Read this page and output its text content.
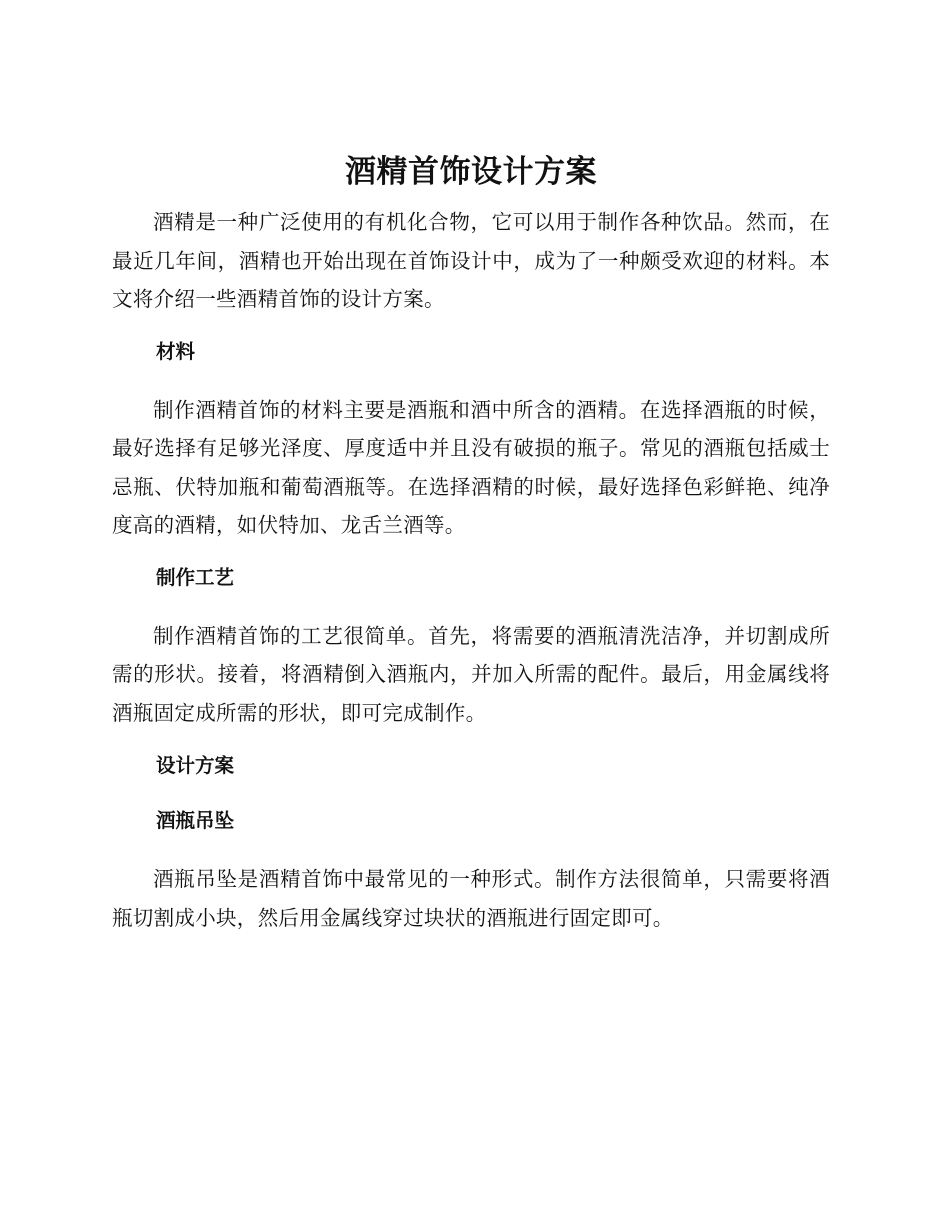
酒精首饰设计方案

酒精是一种广泛使用的有机化合物，它可以用于制作各种饮品。然而，在最近几年间，酒精也开始出现在首饰设计中，成为了一种颇受欢迎的材料。本文将介绍一些酒精首饰的设计方案。

材料

制作酒精首饰的材料主要是酒瓶和酒中所含的酒精。在选择酒瓶的时候，最好选择有足够光泽度、厚度适中并且没有破损的瓶子。常见的酒瓶包括威士忌瓶、伏特加瓶和葡萄酒瓶等。在选择酒精的时候，最好选择色彩鲜艳、纯净度高的酒精，如伏特加、龙舌兰酒等。

制作工艺

制作酒精首饰的工艺很简单。首先，将需要的酒瓶清洗洁净，并切割成所需的形状。接着，将酒精倒入酒瓶内，并加入所需的配件。最后，用金属线将酒瓶固定成所需的形状，即可完成制作。

设计方案
酒瓶吊坠

酒瓶吊坠是酒精首饰中最常见的一种形式。制作方法很简单，只需要将酒瓶切割成小块，然后用金属线穿过块状的酒瓶进行固定即可。
